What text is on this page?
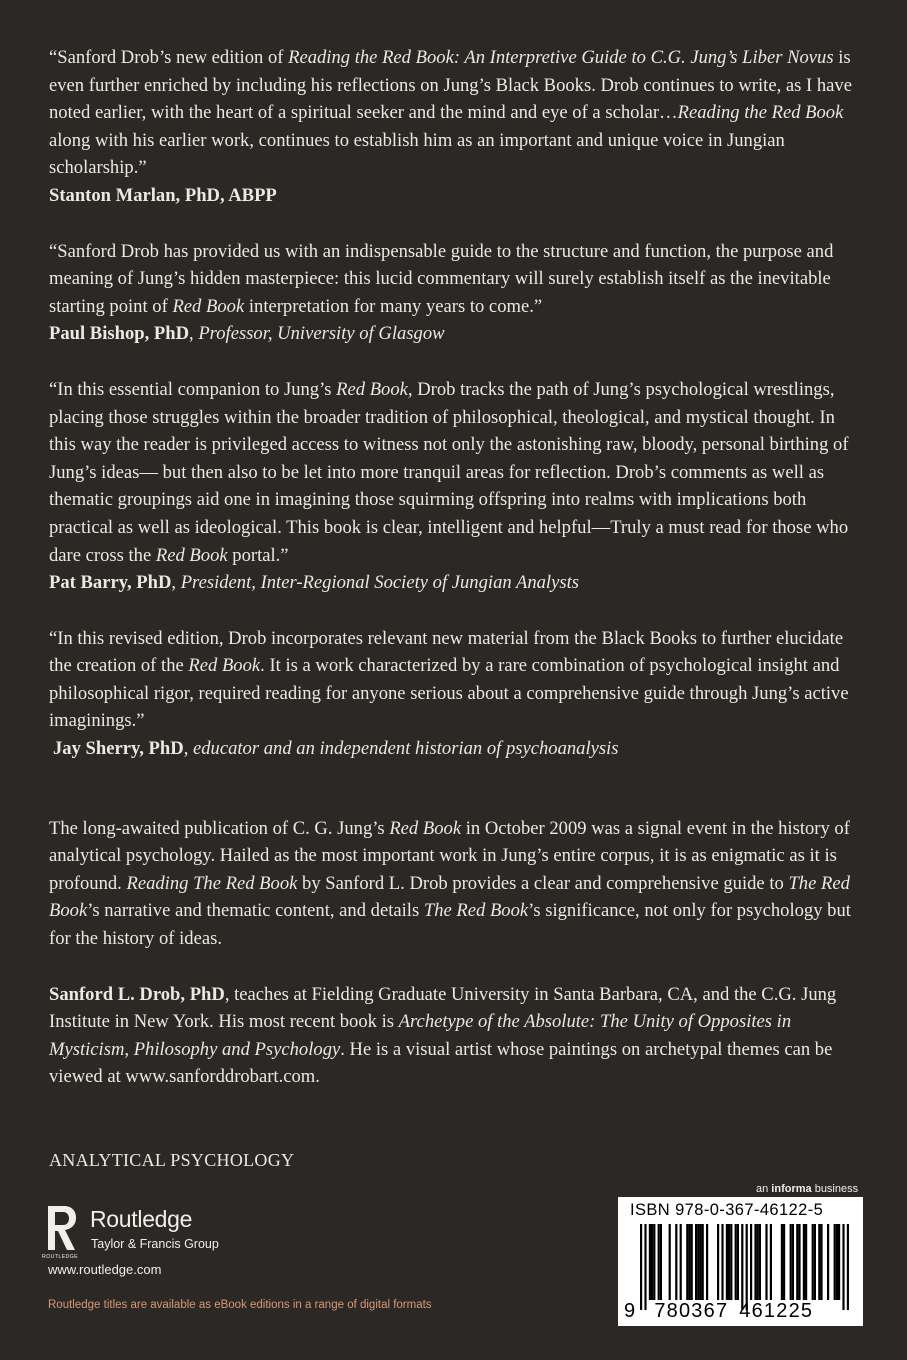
“Sanford Drob’s new edition of Reading the Red Book: An Interpretive Guide to C.G. Jung’s Liber Novus is even further enriched by including his reflections on Jung’s Black Books. Drob continues to write, as I have noted earlier, with the heart of a spiritual seeker and the mind and eye of a scholar…Reading the Red Book along with his earlier work, continues to establish him as an important and unique voice in Jungian scholarship.”

Stanton Marlan, PhD, ABPP

“Sanford Drob has provided us with an indispensable guide to the structure and function, the purpose and meaning of Jung’s hidden masterpiece: this lucid commentary will surely establish itself as the inevitable starting point of Red Book interpretation for many years to come.”

Paul Bishop, PhD, Professor, University of Glasgow

“In this essential companion to Jung’s Red Book, Drob tracks the path of Jung’s psychological wrestlings, placing those struggles within the broader tradition of philosophical, theological, and mystical thought. In this way the reader is privileged access to witness not only the astonishing raw, bloody, personal birthing of Jung’s ideas— but then also to be let into more tranquil areas for reflection. Drob’s comments as well as thematic groupings aid one in imagining those squirming offspring into realms with implications both practical as well as ideological. This book is clear, intelligent and helpful—Truly a must read for those who dare cross the Red Book portal.”

Pat Barry, PhD, President, Inter-Regional Society of Jungian Analysts

“In this revised edition, Drob incorporates relevant new material from the Black Books to further elucidate the creation of the Red Book. It is a work characterized by a rare combination of psychological insight and philosophical rigor, required reading for anyone serious about a comprehensive guide through Jung’s active imaginings.”

Jay Sherry, PhD, educator and an independent historian of psychoanalysis

The long-awaited publication of C. G. Jung’s Red Book in October 2009 was a signal event in the history of analytical psychology. Hailed as the most important work in Jung’s entire corpus, it is as enigmatic as it is profound. Reading The Red Book by Sanford L. Drob provides a clear and comprehensive guide to The Red Book’s narrative and thematic content, and details The Red Book’s significance, not only for psychology but for the history of ideas.

Sanford L. Drob, PhD, teaches at Fielding Graduate University in Santa Barbara, CA, and the C.G. Jung Institute in New York. His most recent book is Archetype of the Absolute: The Unity of Opposites in Mysticism, Philosophy and Psychology. He is a visual artist whose paintings on archetypal themes can be viewed at www.sanforddrobart.com.

ANALYTICAL PSYCHOLOGY
ROUTLEDGE
Routledge
Taylor & Francis Group
www.routledge.com
Routledge titles are available as eBook editions in a range of digital formats
an informa business
ISBN 978-0-367-46122-5
9 780367 461225
